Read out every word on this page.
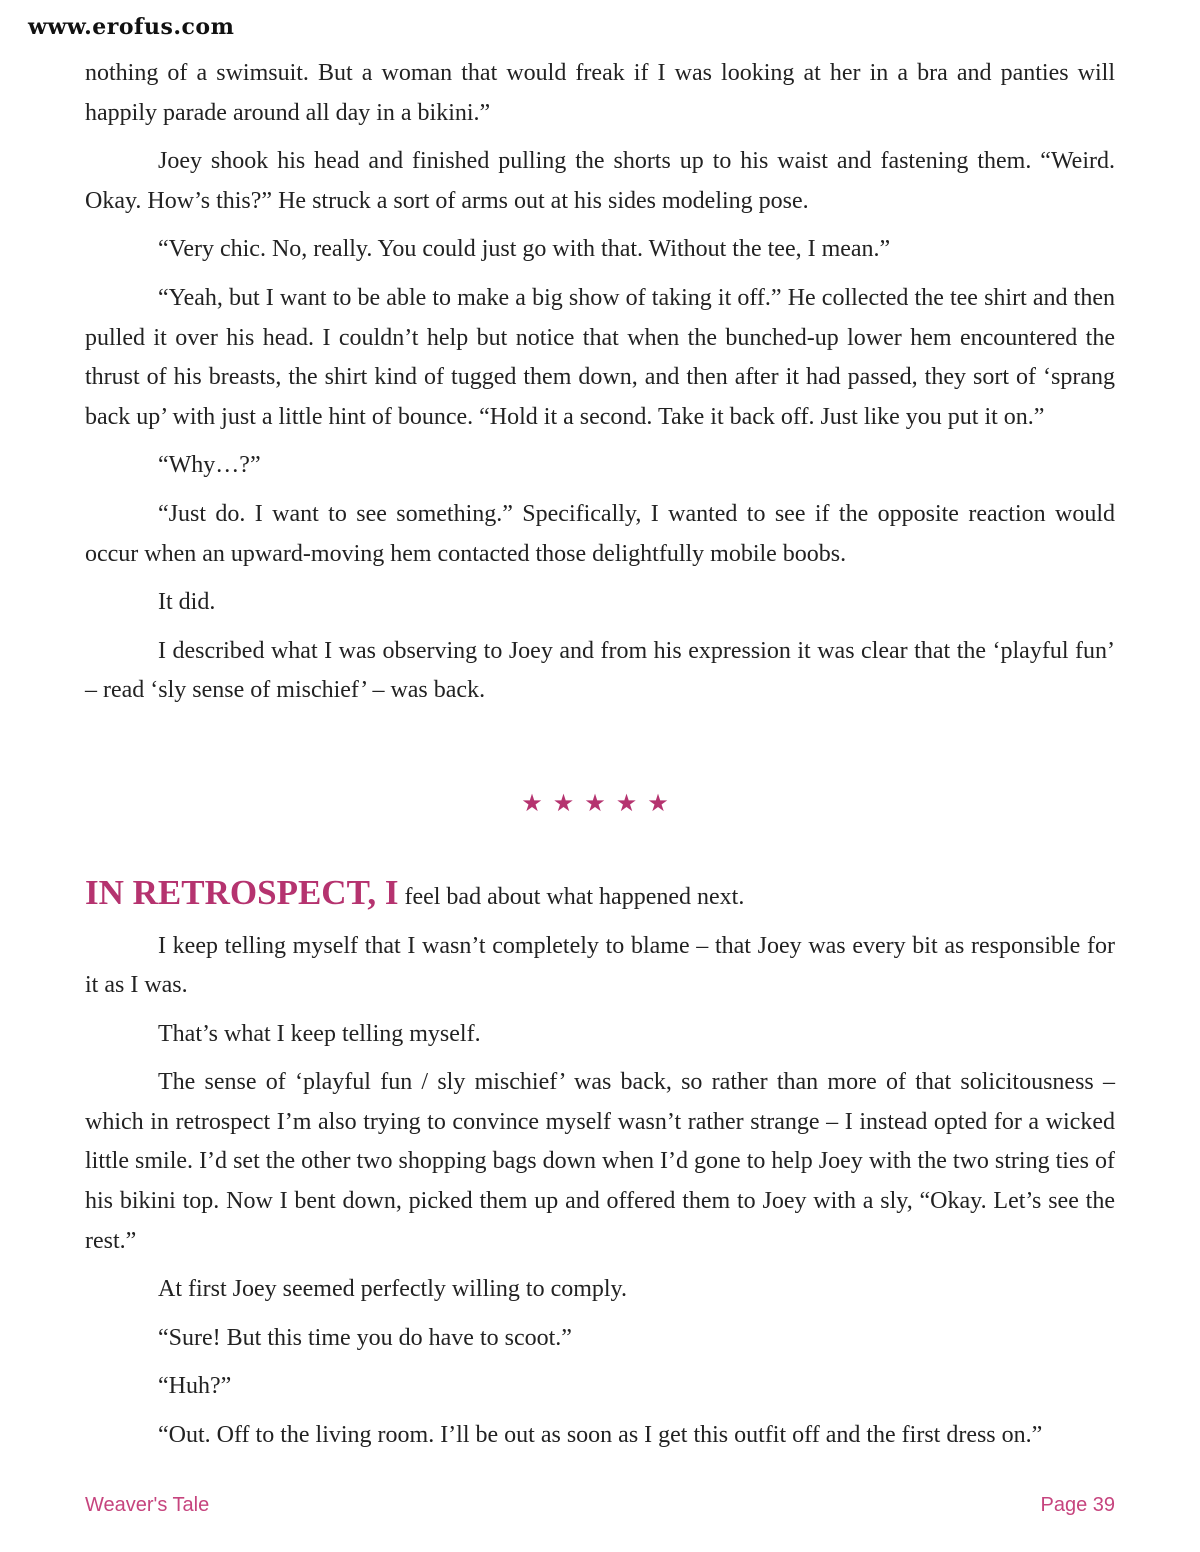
www.erofus.com

nothing of a swimsuit. But a woman that would freak if I was looking at her in a bra and panties will happily parade around all day in a bikini.”

Joey shook his head and finished pulling the shorts up to his waist and fastening them. “Weird. Okay. How’s this?” He struck a sort of arms out at his sides modeling pose.

“Very chic. No, really. You could just go with that. Without the tee, I mean.”

“Yeah, but I want to be able to make a big show of taking it off.” He collected the tee shirt and then pulled it over his head. I couldn’t help but notice that when the bunched-up lower hem encountered the thrust of his breasts, the shirt kind of tugged them down, and then after it had passed, they sort of ‘sprang back up’ with just a little hint of bounce. “Hold it a second. Take it back off. Just like you put it on.”

“Why…?”

“Just do. I want to see something.” Specifically, I wanted to see if the opposite reaction would occur when an upward-moving hem contacted those delightfully mobile boobs.

It did.

I described what I was observing to Joey and from his expression it was clear that the ‘playful fun’ – read ‘sly sense of mischief’ – was back.

★★★★★

IN RETROSPECT, I feel bad about what happened next.

I keep telling myself that I wasn’t completely to blame – that Joey was every bit as responsible for it as I was.

That’s what I keep telling myself.

The sense of ‘playful fun / sly mischief’ was back, so rather than more of that solicitousness – which in retrospect I’m also trying to convince myself wasn’t rather strange – I instead opted for a wicked little smile. I’d set the other two shopping bags down when I’d gone to help Joey with the two string ties of his bikini top. Now I bent down, picked them up and offered them to Joey with a sly, “Okay. Let’s see the rest.”

At first Joey seemed perfectly willing to comply.

“Sure! But this time you do have to scoot.”

“Huh?”

“Out. Off to the living room. I’ll be out as soon as I get this outfit off and the first dress on.”

Weaver's Tale	Page 39
